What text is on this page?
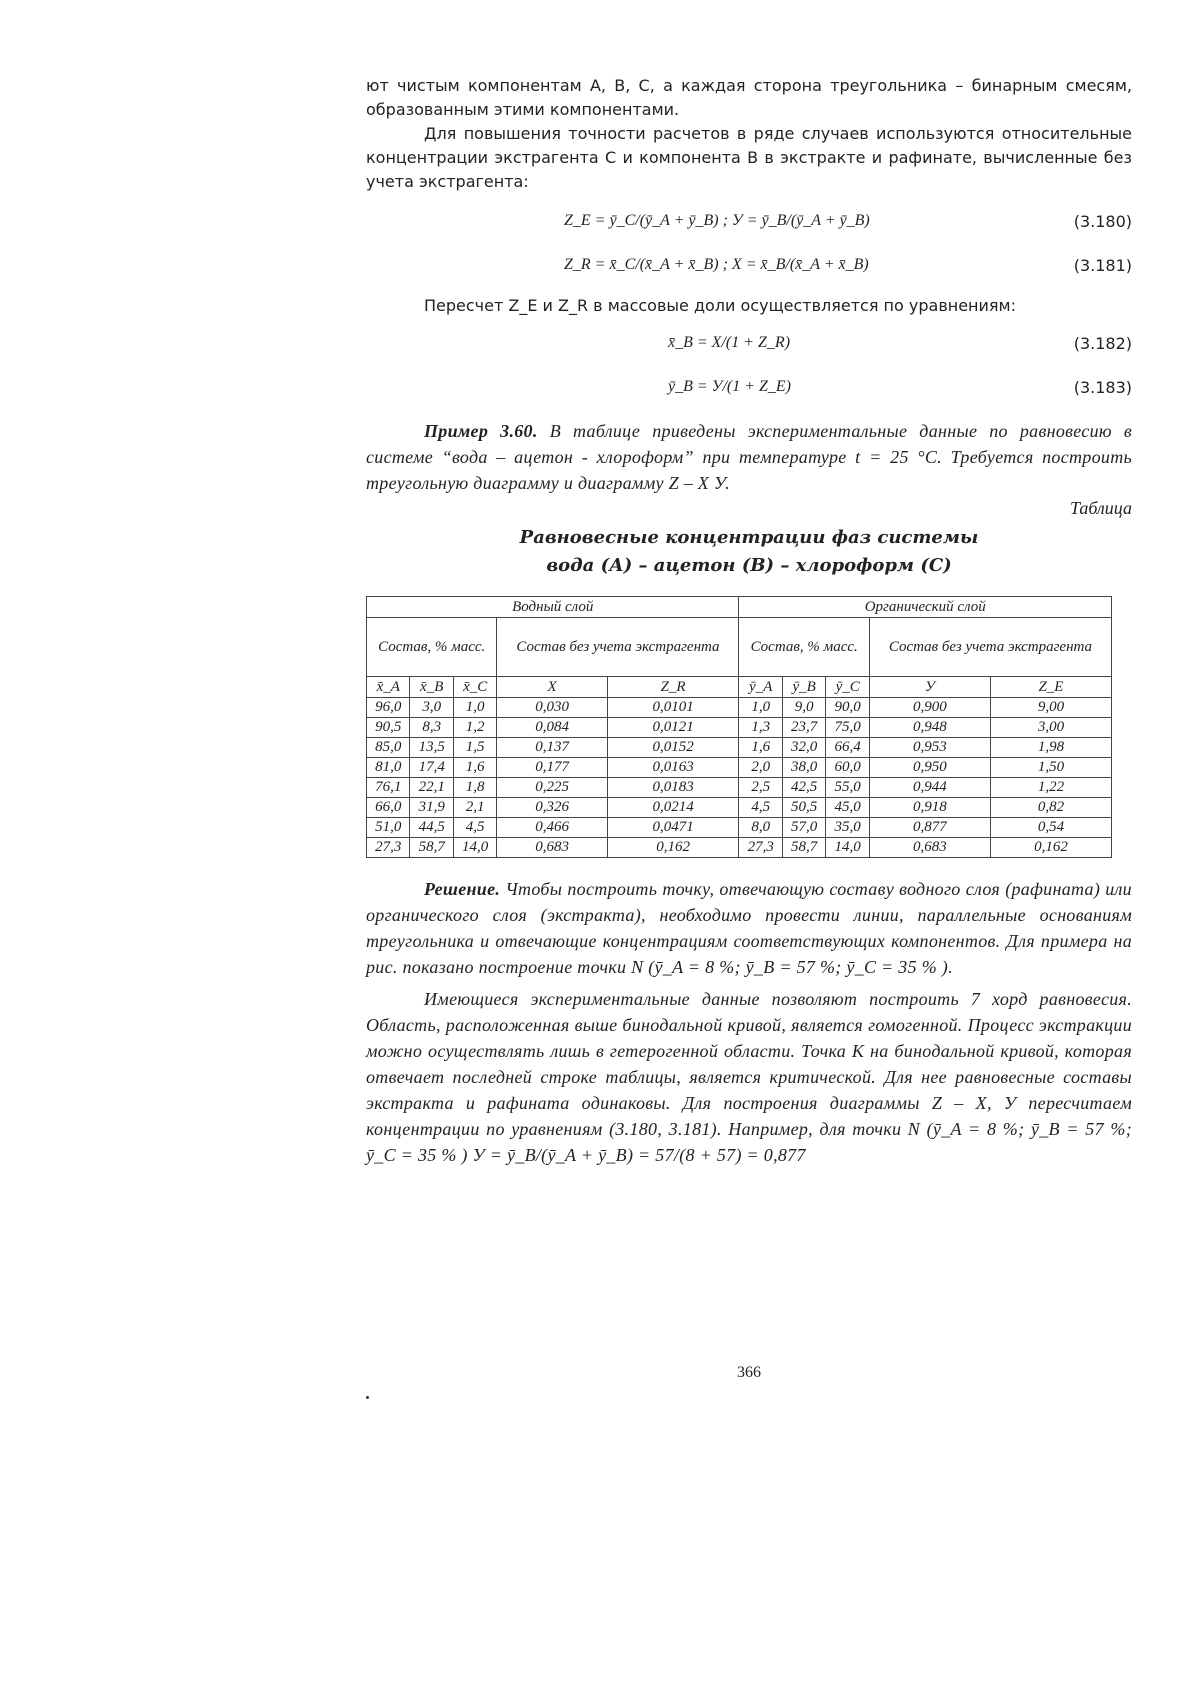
ют чистым компонентам А, В, С, а каждая сторона треугольника – бинарным смесям, образованным этими компонентами.

Для повышения точности расчетов в ряде случаев используются относительные концентрации экстрагента С и компонента В в экстракте и рафинате, вычисленные без учета экстрагента:

Z_E = ȳ_C/(ȳ_A + ȳ_B) ; У = ȳ_B/(ȳ_A + ȳ_B)	(3.180)
Z_R = x̄_C/(x̄_A + x̄_B) ; X = x̄_B/(x̄_A + x̄_B)	(3.181)

Пересчет Z_E и Z_R в массовые доли осуществляется по уравнениям:

x̄_B = X/(1 + Z_R)	(3.182)
ȳ_B = У/(1 + Z_E)	(3.183)

Пример 3.60. В таблице приведены экспериментальные данные по равновесию в системе “вода – ацетон - хлороформ” при температуре t = 25 °C. Требуется построить треугольную диаграмму и диаграмму Z – X У.

Таблица
Равновесные концентрации фаз системы
вода (А) – ацетон (В) – хлороформ (С)
Водный слой					Органический слой				
Состав, % масс.			Состав без учета экстрагента		Состав, % масс.			Состав без учета экстрагента	
x̄_A	x̄_B	x̄_C	X	Z_R	ȳ_A	ȳ_B	ȳ_C	У	Z_E
96,0	3,0	1,0	0,030	0,0101	1,0	9,0	90,0	0,900	9,00
90,5	8,3	1,2	0,084	0,0121	1,3	23,7	75,0	0,948	3,00
85,0	13,5	1,5	0,137	0,0152	1,6	32,0	66,4	0,953	1,98
81,0	17,4	1,6	0,177	0,0163	2,0	38,0	60,0	0,950	1,50
76,1	22,1	1,8	0,225	0,0183	2,5	42,5	55,0	0,944	1,22
66,0	31,9	2,1	0,326	0,0214	4,5	50,5	45,0	0,918	0,82
51,0	44,5	4,5	0,466	0,0471	8,0	57,0	35,0	0,877	0,54
27,3	58,7	14,0	0,683	0,162	27,3	58,7	14,0	0,683	0,162

Решение. Чтобы построить точку, отвечающую составу водного слоя (рафината) или органического слоя (экстракта), необходимо провести линии, параллельные основаниям треугольника и отвечающие концентрациям соответствующих компонентов. Для примера на рис. показано построение точки N (ȳ_A = 8 %; ȳ_B = 57 %; ȳ_C = 35 % ).

Имеющиеся экспериментальные данные позволяют построить 7 хорд равновесия. Область, расположенная выше бинодальной кривой, является гомогенной. Процесс экстракции можно осуществлять лишь в гетерогенной области. Точка K на бинодальной кривой, которая отвечает последней строке таблицы, является критической. Для нее равновесные составы экстракта и рафината одинаковы. Для построения диаграммы Z – X, У пересчитаем концентрации по уравнениям (3.180, 3.181). Например, для точки N (ȳ_A = 8 %; ȳ_B = 57 %; ȳ_C = 35 % ) У = ȳ_B/(ȳ_A + ȳ_B) = 57/(8 + 57) = 0,877

366
